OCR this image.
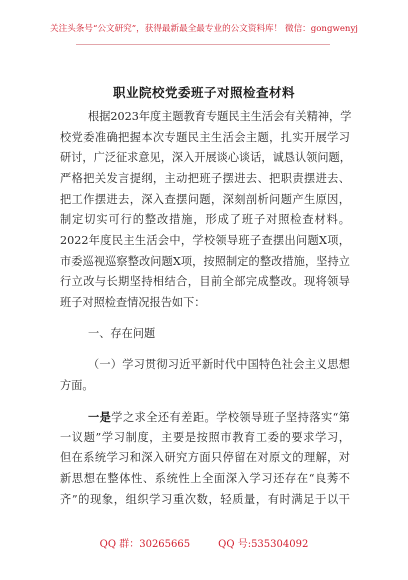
关注头条号“公文研究”，获得最新最全最专业的公文资料库！ 微信：gongwenyj
职业院校党委班子对照检查材料
根据2023年度主题教育专题民主生活会有关精神，学
校党委准确把握本次专题民主生活会主题，扎实开展学习
研讨，广泛征求意见，深入开展谈心谈话，诚恳认领问题，
严格把关发言提纲，主动把班子摆进去、把职责摆进去、
把工作摆进去，深入查摆问题，深刻剖析问题产生原因，
制定切实可行的整改措施，形成了班子对照检查材料。
2022年度民主生活会中，学校领导班子查摆出问题X项，
市委巡视巡察整改问题X项，按照制定的整改措施，坚持立
行立改与长期坚持相结合，目前全部完成整改。现将领导
班子对照检查情况报告如下：
一、存在问题
（一）学习贯彻习近平新时代中国特色社会主义思想
方面。
一是学之求全还有差距。学校领导班子坚持落实“第
一议题”学习制度，主要是按照市教育工委的要求学习，
但在系统学习和深入研究方面只停留在对原文的理解，对
新思想在整体性、系统性上全面深入学习还存在“良莠不
齐”的现象，组织学习重次数，轻质量，有时满足于以干
QQ 群：30265665	QQ 号:535304092
